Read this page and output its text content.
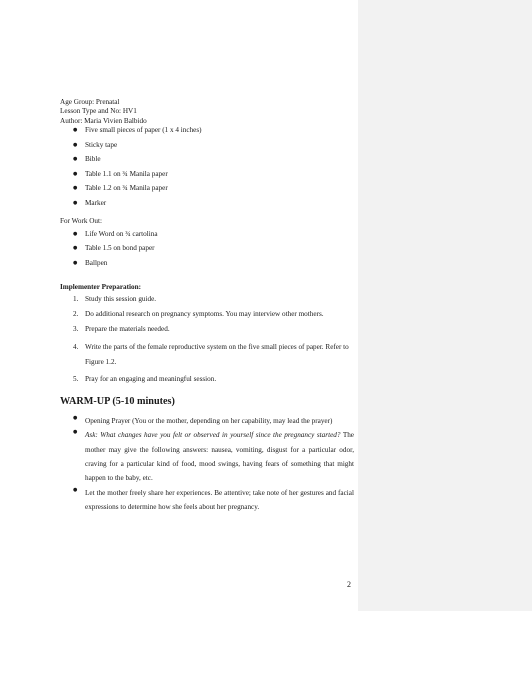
Age Group: Prenatal
Lesson Type and No: HV1
Author: Maria Vivien Balbido
● Five small pieces of paper (1 x 4 inches)
● Sticky tape
● Bible
● Table 1.1 on ¾ Manila paper
● Table 1.2 on ¾ Manila paper
● Marker
For Work Out:
● Life Word on ¾ cartolina
● Table 1.5 on bond paper
● Ballpen
Implementer Preparation:
1. Study this session guide.
2. Do additional research on pregnancy symptoms. You may interview other mothers.
3. Prepare the materials needed.
4. Write the parts of the female reproductive system on the five small pieces of paper. Refer to Figure 1.2.
5. Pray for an engaging and meaningful session.
WARM-UP (5-10 minutes)
● Opening Prayer (You or the mother, depending on her capability, may lead the prayer)
● Ask: What changes have you felt or observed in yourself since the pregnancy started? The mother may give the following answers: nausea, vomiting, disgust for a particular odor, craving for a particular kind of food, mood swings, having fears of something that might happen to the baby, etc.
● Let the mother freely share her experiences. Be attentive; take note of her gestures and facial expressions to determine how she feels about her pregnancy.
2
